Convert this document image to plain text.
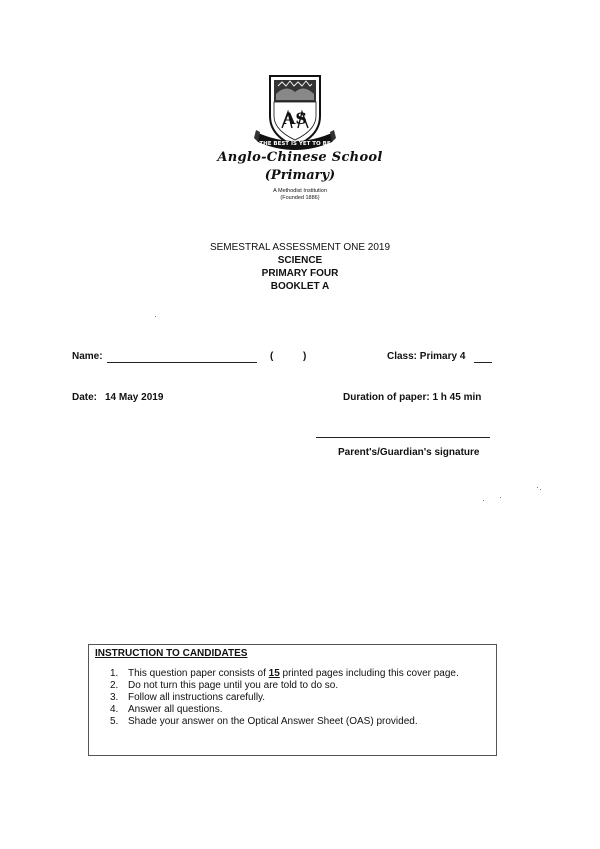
AS
THE BEST IS YET TO BE
Anglo-Chinese School
(Primary)
A Methodist Institution
(Founded 1886)
SEMESTRAL ASSESSMENT ONE 2019
SCIENCE
PRIMARY FOUR
BOOKLET A
Name:	(	)	Class: Primary 4
Date: 14 May 2019	Duration of paper: 1 h 45 min
Parent's/Guardian's signature
INSTRUCTION TO CANDIDATES
1. This question paper consists of 15 printed pages including this cover page.
2. Do not turn this page until you are told to do so.
3. Follow all instructions carefully.
4. Answer all questions.
5. Shade your answer on the Optical Answer Sheet (OAS) provided.
